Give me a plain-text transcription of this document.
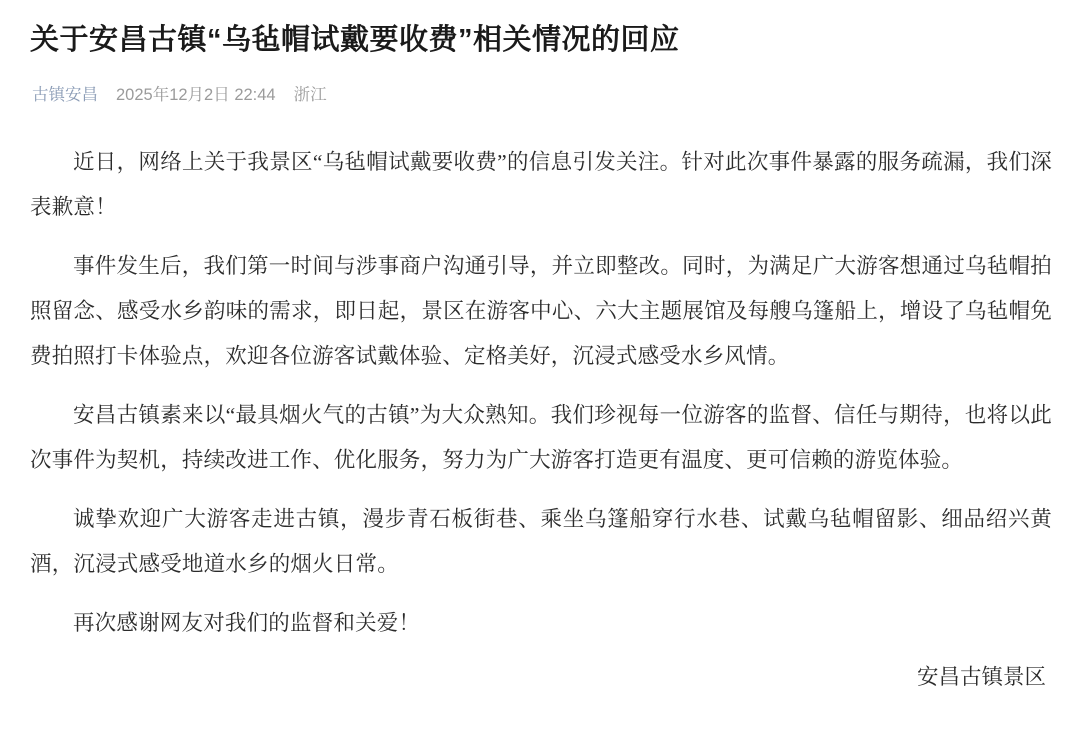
关于安昌古镇“乌毡帽试戴要收费”相关情况的回应
古镇安昌 2025年12月2日 22:44 浙江

近日，网络上关于我景区“乌毡帽试戴要收费”的信息引发关注。针对此次事件暴露的服务疏漏，我们深表歉意！

事件发生后，我们第一时间与涉事商户沟通引导，并立即整改。同时，为满足广大游客想通过乌毡帽拍照留念、感受水乡韵味的需求，即日起，景区在游客中心、六大主题展馆及每艘乌篷船上，增设了乌毡帽免费拍照打卡体验点，欢迎各位游客试戴体验、定格美好，沉浸式感受水乡风情。

安昌古镇素来以“最具烟火气的古镇”为大众熟知。我们珍视每一位游客的监督、信任与期待，也将以此次事件为契机，持续改进工作、优化服务，努力为广大游客打造更有温度、更可信赖的游览体验。

诚挚欢迎广大游客走进古镇，漫步青石板街巷、乘坐乌篷船穿行水巷、试戴乌毡帽留影、细品绍兴黄酒，沉浸式感受地道水乡的烟火日常。

再次感谢网友对我们的监督和关爱！

安昌古镇景区
